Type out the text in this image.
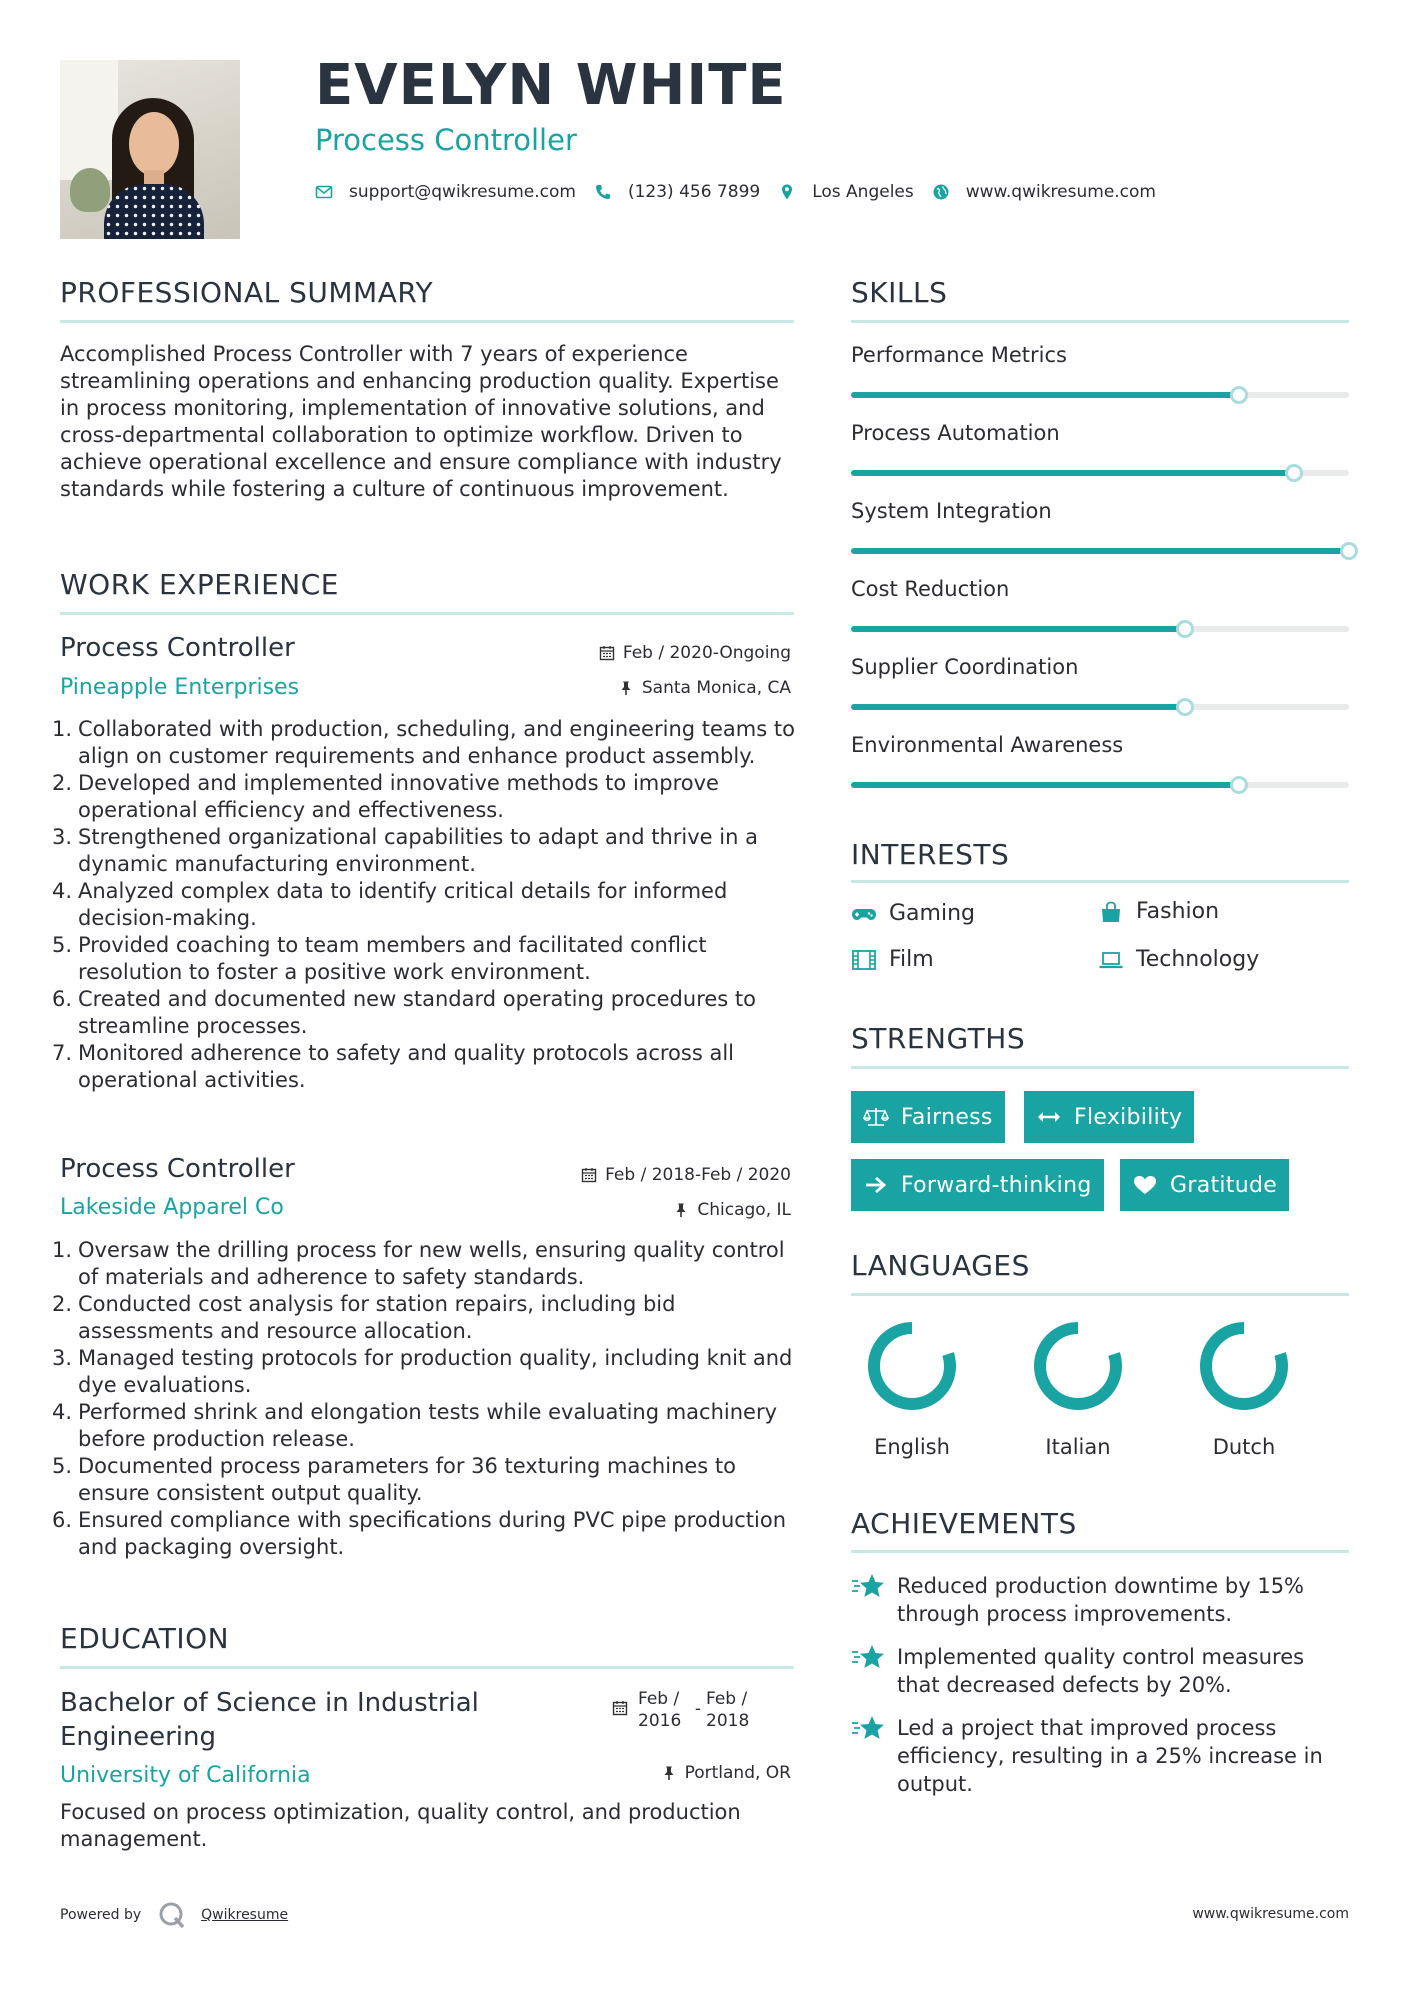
EVELYN WHITE
Process Controller
support@qwikresume.com	(123) 456 7899	Los Angeles	www.qwikresume.com
PROFESSIONAL SUMMARY

Accomplished Process Controller with 7 years of experience streamlining operations and enhancing production quality. Expertise in process monitoring, implementation of innovative solutions, and cross-departmental collaboration to optimize workflow. Driven to achieve operational excellence and ensure compliance with industry standards while fostering a culture of continuous improvement.

WORK EXPERIENCE
Process Controller	Feb / 2020-Ongoing
Pineapple Enterprises	Santa Monica, CA
1. Collaborated with production, scheduling, and engineering teams to align on customer requirements and enhance product assembly.
2. Developed and implemented innovative methods to improve operational efficiency and effectiveness.
3. Strengthened organizational capabilities to adapt and thrive in a dynamic manufacturing environment.
4. Analyzed complex data to identify critical details for informed decision-making.
5. Provided coaching to team members and facilitated conflict resolution to foster a positive work environment.
6. Created and documented new standard operating procedures to streamline processes.
7. Monitored adherence to safety and quality protocols across all operational activities.
Process Controller	Feb / 2018-Feb / 2020
Lakeside Apparel Co	Chicago, IL
1. Oversaw the drilling process for new wells, ensuring quality control of materials and adherence to safety standards.
2. Conducted cost analysis for station repairs, including bid assessments and resource allocation.
3. Managed testing protocols for production quality, including knit and dye evaluations.
4. Performed shrink and elongation tests while evaluating machinery before production release.
5. Documented process parameters for 36 texturing machines to ensure consistent output quality.
6. Ensured compliance with specifications during PVC pipe production and packaging oversight.
EDUCATION
Bachelor of Science in Industrial Engineering
Feb / 2016
- Feb / 2018
University of California	Portland, OR

Focused on process optimization, quality control, and production management.

SKILLS
Performance Metrics
Process Automation
System Integration
Cost Reduction
Supplier Coordination
Environmental Awareness
INTERESTS
Gaming	Fashion
Film	Technology
STRENGTHS
Fairness	Flexibility
Forward-thinking	Gratitude
LANGUAGES
English	Italian	Dutch
ACHIEVEMENTS
Reduced production downtime by 15% through process improvements.
Implemented quality control measures that decreased defects by 20%.
Led a project that improved process efficiency, resulting in a 25% increase in output.
Powered by	Qwikresume	www.qwikresume.com
